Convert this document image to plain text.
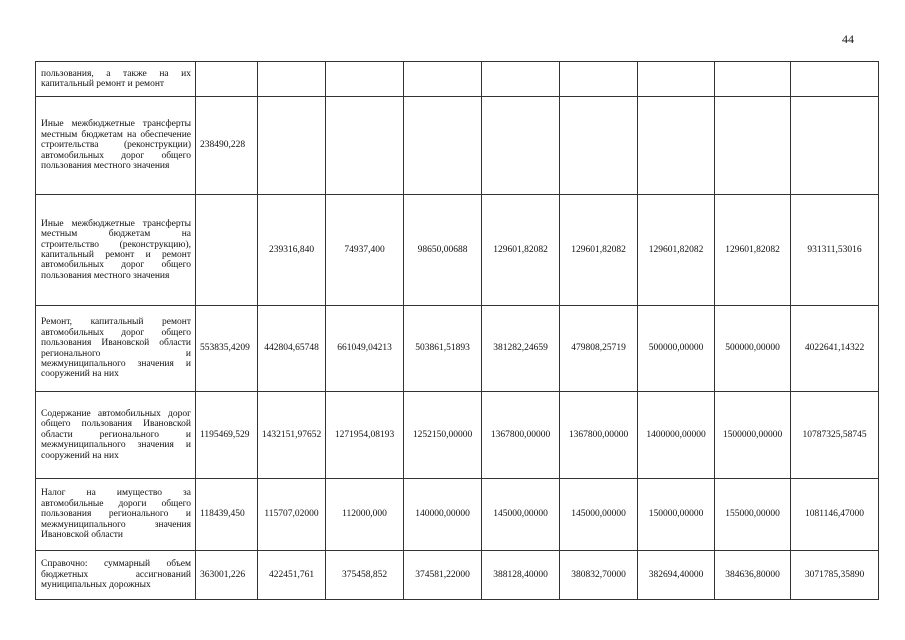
44
пользования, а также на их капитальный ремонт и ремонт									
Иные межбюджетные трансферты местным бюджетам на обеспечение строительства (реконструкции) автомобильных дорог общего пользования местного значения	238490,228								
Иные межбюджетные трансферты местным бюджетам на строительство (реконструкцию), капитальный ремонт и ремонт автомобильных дорог общего пользования местного значения		239316,840	74937,400	98650,00688	129601,82082	129601,82082	129601,82082	129601,82082	931311,53016
Ремонт, капитальный ремонт автомобильных дорог общего пользования Ивановской области регионального и межмуниципального значения и сооружений на них	553835,4209	442804,65748	661049,04213	503861,51893	381282,24659	479808,25719	500000,00000	500000,00000	4022641,14322
Содержание автомобильных дорог общего пользования Ивановской области регионального и межмуниципального значения и сооружений на них	1195469,529	1432151,97652	1271954,08193	1252150,00000	1367800,00000	1367800,00000	1400000,00000	1500000,00000	10787325,58745
Налог на имущество за автомобильные дороги общего пользования регионального и межмуниципального значения Ивановской области	118439,450	115707,02000	112000,000	140000,00000	145000,00000	145000,00000	150000,00000	155000,00000	1081146,47000
Справочно: суммарный объем бюджетных ассигнований муниципальных дорожных	363001,226	422451,761	375458,852	374581,22000	388128,40000	380832,70000	382694,40000	384636,80000	3071785,35890
